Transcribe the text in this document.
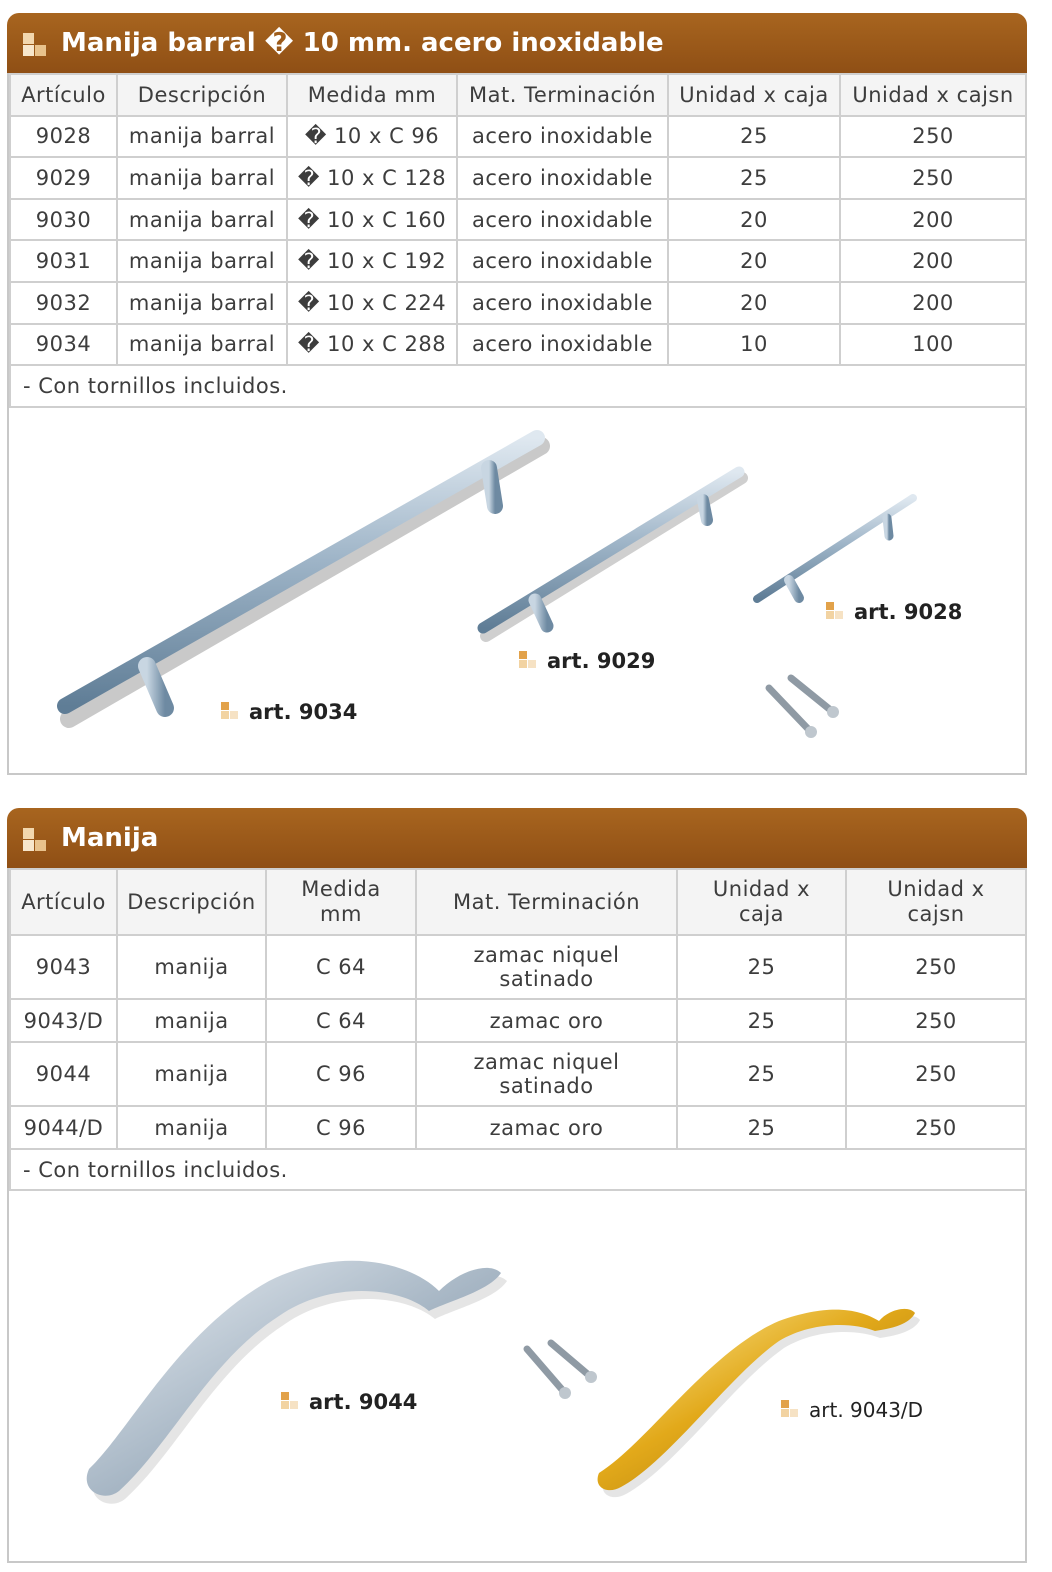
Manija barral � 10 mm. acero inoxidable
Artículo	Descripción	Medida mm	Mat. Terminación	Unidad x caja	Unidad x cajsn
9028	manija barral	� 10 x C 96	acero inoxidable	25	250
9029	manija barral	� 10 x C 128	acero inoxidable	25	250
9030	manija barral	� 10 x C 160	acero inoxidable	20	200
9031	manija barral	� 10 x C 192	acero inoxidable	20	200
9032	manija barral	� 10 x C 224	acero inoxidable	20	200
9034	manija barral	� 10 x C 288	acero inoxidable	10	100
- Con tornillos incluidos.					
art. 9034
art. 9029
art. 9028
Manija
Artículo	Descripción	Medida mm	Mat. Terminación	Unidad x caja	Unidad x cajsn
9043	manija	C 64	zamac niquel satinado	25	250
9043/D	manija	C 64	zamac oro	25	250
9044	manija	C 96	zamac niquel satinado	25	250
9044/D	manija	C 96	zamac oro	25	250
- Con tornillos incluidos.					
art. 9044	art. 9043/D
